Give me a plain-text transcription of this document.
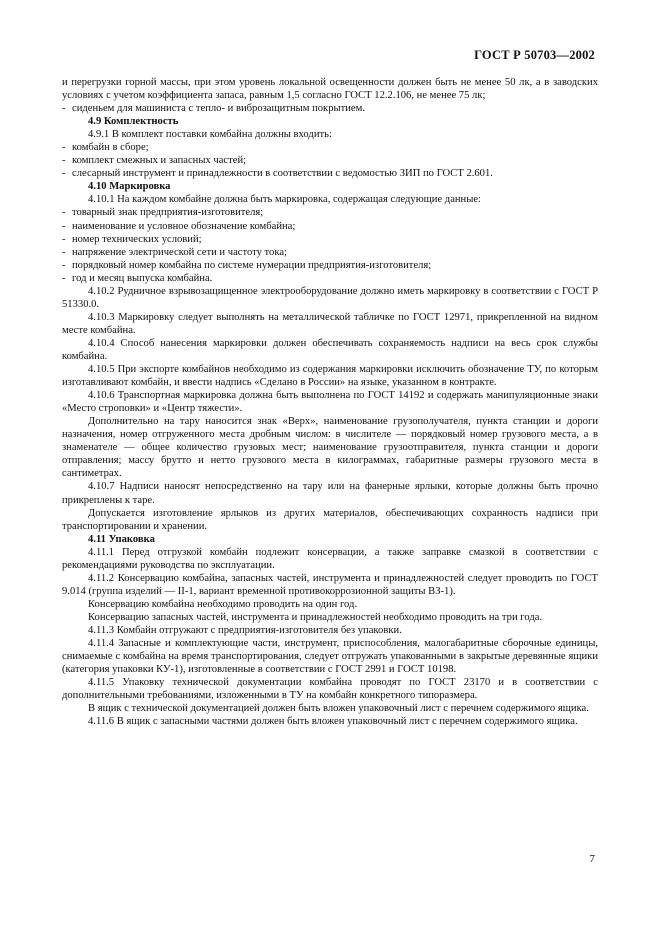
ГОСТ Р 50703—2002
и перегрузки горной массы, при этом уровень локальной освещенности должен быть не менее 50 лк, а в заводских условиях с учетом коэффициента запаса, равным 1,5 согласно ГОСТ 12.2.106, не менее 75 лк;
- сиденьем для машиниста с тепло- и виброзащитным покрытием.
4.9 Комплектность
4.9.1 В комплект поставки комбайна должны входить:
- комбайн в сборе;
- комплект смежных и запасных частей;
- слесарный инструмент и принадлежности в соответствии с ведомостью ЗИП по ГОСТ 2.601.
4.10 Маркировка
4.10.1 На каждом комбайне должна быть маркировка, содержащая следующие данные:
- товарный знак предприятия-изготовителя;
- наименование и условное обозначение комбайна;
- номер технических условий;
- напряжение электрической сети и частоту тока;
- порядковый номер комбайна по системе нумерации предприятия-изготовителя;
- год и месяц выпуска комбайна.
4.10.2 Рудничное взрывозащищенное электрооборудование должно иметь маркировку в соответствии с ГОСТ Р 51330.0.
4.10.3 Маркировку следует выполнять на металлической табличке по ГОСТ 12971, прикрепленной на видном месте комбайна.
4.10.4 Способ нанесения маркировки должен обеспечивать сохраняемость надписи на весь срок службы комбайна.
4.10.5 При экспорте комбайнов необходимо из содержания маркировки исключить обозначение ТУ, по которым изготавливают комбайн, и ввести надпись «Сделано в России» на языке, указанном в контракте.
4.10.6 Транспортная маркировка должна быть выполнена по ГОСТ 14192 и содержать манипуляционные знаки «Место строповки» и «Центр тяжести».
Дополнительно на тару наносится знак «Верх», наименование грузополучателя, пункта станции и дороги назначения, номер отгруженного места дробным числом: в числителе — порядковый номер грузового места, а в знаменателе — общее количество грузовых мест; наименование грузоотправителя, пункта станции и дороги отправления; массу брутто и нетто грузового места в килограммах, габаритные размеры грузового места в сантиметрах.
4.10.7 Надписи наносят непосредственно на тару или на фанерные ярлыки, которые должны быть прочно прикреплены к таре.
Допускается изготовление ярлыков из других материалов, обеспечивающих сохранность надписи при транспортировании и хранении.
4.11 Упаковка
4.11.1 Перед отгрузкой комбайн подлежит консервации, а также заправке смазкой в соответствии с рекомендациями руководства по эксплуатации.
4.11.2 Консервацию комбайна, запасных частей, инструмента и принадлежностей следует проводить по ГОСТ 9.014 (группа изделий — II-1, вариант временной противокоррозионной защиты ВЗ-1).
Консервацию комбайна необходимо проводить на один год.
Консервацию запасных частей, инструмента и принадлежностей необходимо проводить на три года.
4.11.3 Комбайн отгружают с предприятия-изготовителя без упаковки.
4.11.4 Запасные и комплектующие части, инструмент, приспособления, малогабаритные сборочные единицы, снимаемые с комбайна на время транспортирования, следует отгружать упакованными в закрытые деревянные ящики (категория упаковки КУ-1), изготовленные в соответствии с ГОСТ 2991 и ГОСТ 10198.
4.11.5 Упаковку технической документации комбайна проводят по ГОСТ 23170 и в соответствии с дополнительными требованиями, изложенными в ТУ на комбайн конкретного типоразмера.
В ящик с технической документацией должен быть вложен упаковочный лист с перечнем содержимого ящика.
4.11.6 В ящик с запасными частями должен быть вложен упаковочный лист с перечнем содержимого ящика.
7
